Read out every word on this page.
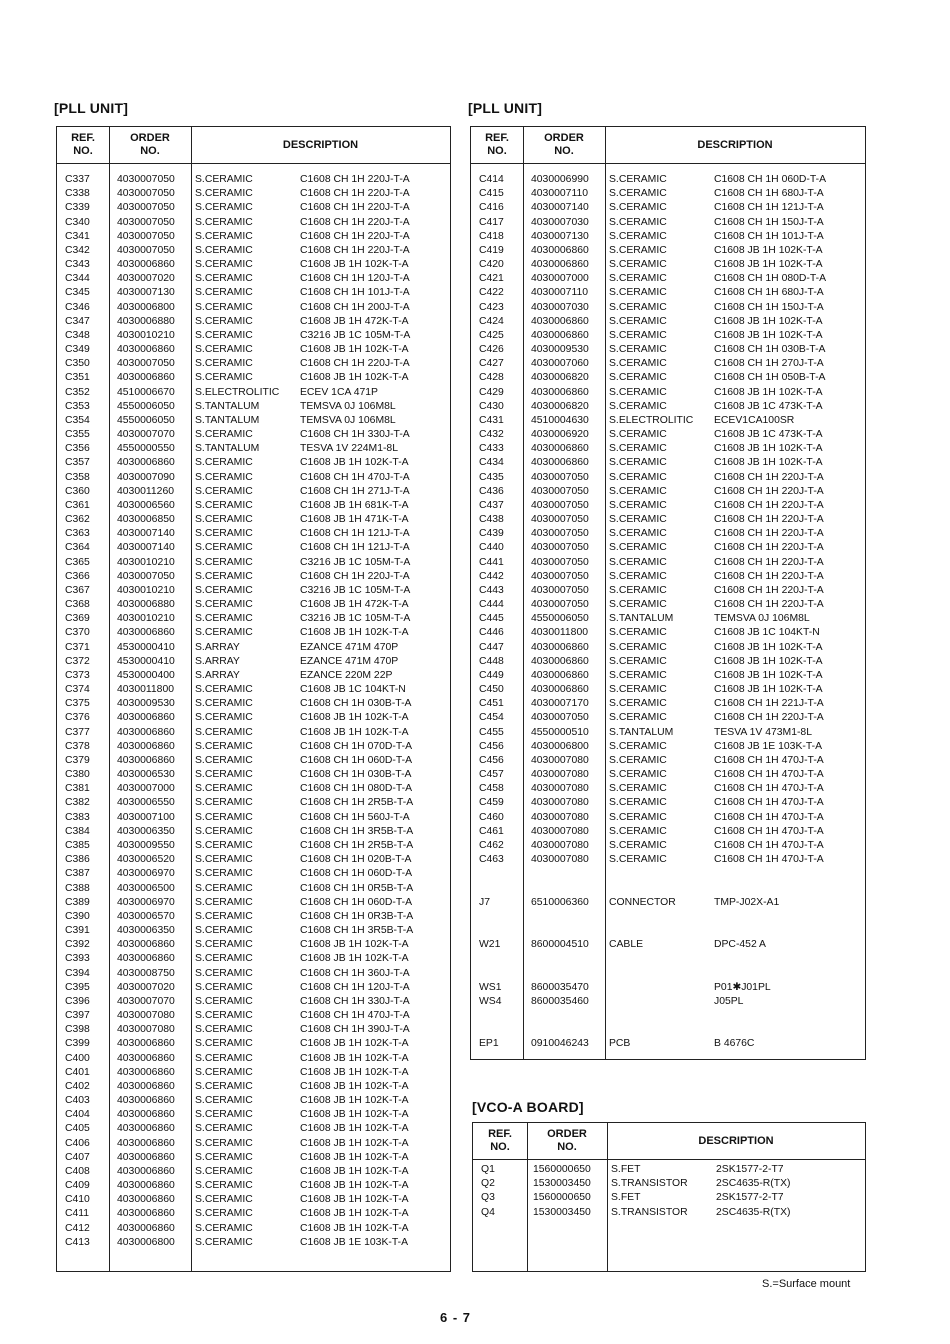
[PLL UNIT]
REF.
NO.
ORDER
NO.
DESCRIPTION
C337	4030007050 S.CERAMIC	C1608 CH 1H 220J-T-A
C338	4030007050 S.CERAMIC	C1608 CH 1H 220J-T-A
C339	4030007050 S.CERAMIC	C1608 CH 1H 220J-T-A
C340	4030007050 S.CERAMIC	C1608 CH 1H 220J-T-A
C341	4030007050 S.CERAMIC	C1608 CH 1H 220J-T-A
C342	4030007050 S.CERAMIC	C1608 CH 1H 220J-T-A
C343	4030006860 S.CERAMIC	C1608 JB 1H 102K-T-A
C344	4030007020 S.CERAMIC	C1608 CH 1H 120J-T-A
C345	4030007130 S.CERAMIC	C1608 CH 1H 101J-T-A
C346	4030006800 S.CERAMIC	C1608 CH 1H 200J-T-A
C347	4030006880 S.CERAMIC	C1608 JB 1H 472K-T-A
C348	4030010210 S.CERAMIC	C3216 JB 1C 105M-T-A
C349	4030006860 S.CERAMIC	C1608 JB 1H 102K-T-A
C350	4030007050 S.CERAMIC	C1608 CH 1H 220J-T-A
C351	4030006860 S.CERAMIC	C1608 JB 1H 102K-T-A
C352	4510006670 S.ELECTROLITIC ECEV 1CA 471P
C353	4550006050 S.TANTALUM	TEMSVA 0J 106M8L
C354	4550006050 S.TANTALUM	TEMSVA 0J 106M8L
C355	4030007070 S.CERAMIC	C1608 CH 1H 330J-T-A
C356	4550000550 S.TANTALUM	TESVA 1V 224M1-8L
C357	4030006860 S.CERAMIC	C1608 JB 1H 102K-T-A
C358	4030007090 S.CERAMIC	C1608 CH 1H 470J-T-A
C360	4030011260 S.CERAMIC	C1608 CH 1H 271J-T-A
C361	4030006560 S.CERAMIC	C1608 JB 1H 681K-T-A
C362	4030006850 S.CERAMIC	C1608 JB 1H 471K-T-A
C363	4030007140 S.CERAMIC	C1608 CH 1H 121J-T-A
C364	4030007140 S.CERAMIC	C1608 CH 1H 121J-T-A
C365	4030010210 S.CERAMIC	C3216 JB 1C 105M-T-A
C366	4030007050 S.CERAMIC	C1608 CH 1H 220J-T-A
C367	4030010210 S.CERAMIC	C3216 JB 1C 105M-T-A
C368	4030006880 S.CERAMIC	C1608 JB 1H 472K-T-A
C369	4030010210 S.CERAMIC	C3216 JB 1C 105M-T-A
C370	4030006860 S.CERAMIC	C1608 JB 1H 102K-T-A
C371	4530000410 S.ARRAY	EZANCE 471M 470P
C372	4530000410 S.ARRAY	EZANCE 471M 470P
C373	4530000400 S.ARRAY	EZANCE 220M 22P
C374	4030011800 S.CERAMIC	C1608 JB 1C 104KT-N
C375	4030009530 S.CERAMIC	C1608 CH 1H 030B-T-A
C376	4030006860 S.CERAMIC	C1608 JB 1H 102K-T-A
C377	4030006860 S.CERAMIC	C1608 JB 1H 102K-T-A
C378	4030006860 S.CERAMIC	C1608 CH 1H 070D-T-A
C379	4030006860 S.CERAMIC	C1608 CH 1H 060D-T-A
C380	4030006530 S.CERAMIC	C1608 CH 1H 030B-T-A
C381	4030007000 S.CERAMIC	C1608 CH 1H 080D-T-A
C382	4030006550 S.CERAMIC	C1608 CH 1H 2R5B-T-A
C383	4030007100 S.CERAMIC	C1608 CH 1H 560J-T-A
C384	4030006350 S.CERAMIC	C1608 CH 1H 3R5B-T-A
C385	4030009550 S.CERAMIC	C1608 CH 1H 2R5B-T-A
C386	4030006520 S.CERAMIC	C1608 CH 1H 020B-T-A
C387	4030006970 S.CERAMIC	C1608 CH 1H 060D-T-A
C388	4030006500 S.CERAMIC	C1608 CH 1H 0R5B-T-A
C389	4030006970 S.CERAMIC	C1608 CH 1H 060D-T-A
C390	4030006570 S.CERAMIC	C1608 CH 1H 0R3B-T-A
C391	4030006350 S.CERAMIC	C1608 CH 1H 3R5B-T-A
C392	4030006860 S.CERAMIC	C1608 JB 1H 102K-T-A
C393	4030006860 S.CERAMIC	C1608 JB 1H 102K-T-A
C394	4030008750 S.CERAMIC	C1608 CH 1H 360J-T-A
C395	4030007020 S.CERAMIC	C1608 CH 1H 120J-T-A
C396	4030007070 S.CERAMIC	C1608 CH 1H 330J-T-A
C397	4030007080 S.CERAMIC	C1608 CH 1H 470J-T-A
C398	4030007080 S.CERAMIC	C1608 CH 1H 390J-T-A
C399	4030006860 S.CERAMIC	C1608 JB 1H 102K-T-A
C400	4030006860 S.CERAMIC	C1608 JB 1H 102K-T-A
C401	4030006860 S.CERAMIC	C1608 JB 1H 102K-T-A
C402	4030006860 S.CERAMIC	C1608 JB 1H 102K-T-A
C403	4030006860 S.CERAMIC	C1608 JB 1H 102K-T-A
C404	4030006860 S.CERAMIC	C1608 JB 1H 102K-T-A
C405	4030006860 S.CERAMIC	C1608 JB 1H 102K-T-A
C406	4030006860 S.CERAMIC	C1608 JB 1H 102K-T-A
C407	4030006860 S.CERAMIC	C1608 JB 1H 102K-T-A
C408	4030006860 S.CERAMIC	C1608 JB 1H 102K-T-A
C409	4030006860 S.CERAMIC	C1608 JB 1H 102K-T-A
C410	4030006860 S.CERAMIC	C1608 JB 1H 102K-T-A
C411	4030006860 S.CERAMIC	C1608 JB 1H 102K-T-A
C412	4030006860 S.CERAMIC	C1608 JB 1H 102K-T-A
C413	4030006800 S.CERAMIC	C1608 JB 1E 103K-T-A
[PLL UNIT]
REF.
NO.
ORDER
NO.
DESCRIPTION
C414	4030006990 S.CERAMIC	C1608 CH 1H 060D-T-A
C415	4030007110 S.CERAMIC	C1608 CH 1H 680J-T-A
C416	4030007140 S.CERAMIC	C1608 CH 1H 121J-T-A
C417	4030007030 S.CERAMIC	C1608 CH 1H 150J-T-A
C418	4030007130 S.CERAMIC	C1608 CH 1H 101J-T-A
C419	4030006860 S.CERAMIC	C1608 JB 1H 102K-T-A
C420	4030006860 S.CERAMIC	C1608 JB 1H 102K-T-A
C421	4030007000 S.CERAMIC	C1608 CH 1H 080D-T-A
C422	4030007110 S.CERAMIC	C1608 CH 1H 680J-T-A
C423	4030007030 S.CERAMIC	C1608 CH 1H 150J-T-A
C424	4030006860 S.CERAMIC	C1608 JB 1H 102K-T-A
C425	4030006860 S.CERAMIC	C1608 JB 1H 102K-T-A
C426	4030009530 S.CERAMIC	C1608 CH 1H 030B-T-A
C427	4030007060 S.CERAMIC	C1608 CH 1H 270J-T-A
C428	4030006820 S.CERAMIC	C1608 CH 1H 050B-T-A
C429	4030006860 S.CERAMIC	C1608 JB 1H 102K-T-A
C430	4030006820 S.CERAMIC	C1608 JB 1C 473K-T-A
C431	4510004630 S.ELECTROLITIC ECEV1CA100SR
C432	4030006920 S.CERAMIC	C1608 JB 1C 473K-T-A
C433	4030006860 S.CERAMIC	C1608 JB 1H 102K-T-A
C434	4030006860 S.CERAMIC	C1608 JB 1H 102K-T-A
C435	4030007050 S.CERAMIC	C1608 CH 1H 220J-T-A
C436	4030007050 S.CERAMIC	C1608 CH 1H 220J-T-A
C437	4030007050 S.CERAMIC	C1608 CH 1H 220J-T-A
C438	4030007050 S.CERAMIC	C1608 CH 1H 220J-T-A
C439	4030007050 S.CERAMIC	C1608 CH 1H 220J-T-A
C440	4030007050 S.CERAMIC	C1608 CH 1H 220J-T-A
C441	4030007050 S.CERAMIC	C1608 CH 1H 220J-T-A
C442	4030007050 S.CERAMIC	C1608 CH 1H 220J-T-A
C443	4030007050 S.CERAMIC	C1608 CH 1H 220J-T-A
C444	4030007050 S.CERAMIC	C1608 CH 1H 220J-T-A
C445	4550006050 S.TANTALUM	TEMSVA 0J 106M8L
C446	4030011800 S.CERAMIC	C1608 JB 1C 104KT-N
C447	4030006860 S.CERAMIC	C1608 JB 1H 102K-T-A
C448	4030006860 S.CERAMIC	C1608 JB 1H 102K-T-A
C449	4030006860 S.CERAMIC	C1608 JB 1H 102K-T-A
C450	4030006860 S.CERAMIC	C1608 JB 1H 102K-T-A
C451	4030007170 S.CERAMIC	C1608 CH 1H 221J-T-A
C454	4030007050 S.CERAMIC	C1608 CH 1H 220J-T-A
C455	4550000510 S.TANTALUM	TESVA 1V 473M1-8L
C456	4030006800 S.CERAMIC	C1608 JB 1E 103K-T-A
C456	4030007080 S.CERAMIC	C1608 CH 1H 470J-T-A
C457	4030007080 S.CERAMIC	C1608 CH 1H 470J-T-A
C458	4030007080 S.CERAMIC	C1608 CH 1H 470J-T-A
C459	4030007080 S.CERAMIC	C1608 CH 1H 470J-T-A
C460	4030007080 S.CERAMIC	C1608 CH 1H 470J-T-A
C461	4030007080 S.CERAMIC	C1608 CH 1H 470J-T-A
C462	4030007080 S.CERAMIC	C1608 CH 1H 470J-T-A
C463	4030007080 S.CERAMIC	C1608 CH 1H 470J-T-A
J7	6510006360 CONNECTOR	TMP-J02X-A1
W21	8600004510 CABLE	DPC-452 A
WS1	8600035470	P01✱J01PL
WS4	8600035460	J05PL
EP1	0910046243 PCB	B 4676C
[VCO-A BOARD]
REF.
NO.
ORDER
NO.
DESCRIPTION
Q1	1560000650 S.FET	2SK1577-2-T7
Q2	1530003450 S.TRANSISTOR	2SC4635-R(TX)
Q3	1560000650 S.FET	2SK1577-2-T7
Q4	1530003450 S.TRANSISTOR	2SC4635-R(TX)
S.=Surface mount
6 - 7
